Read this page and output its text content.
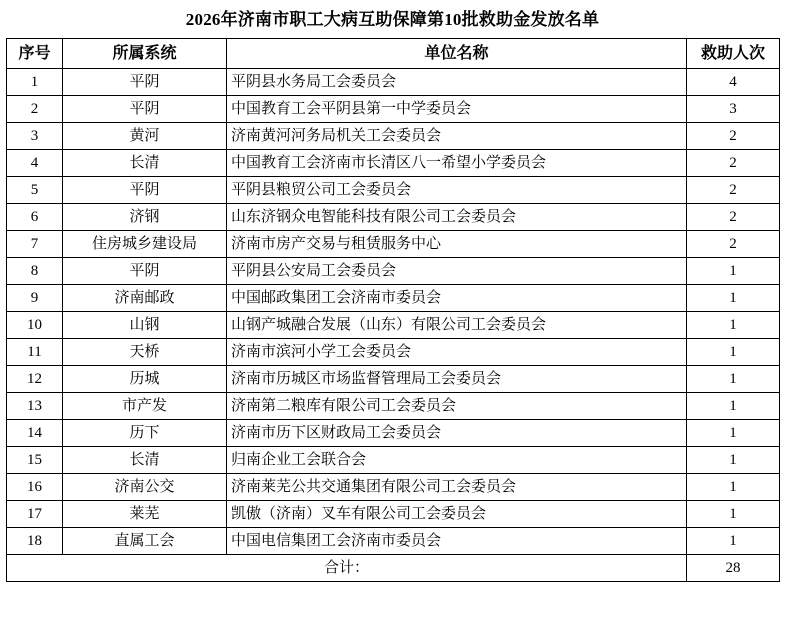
2026年济南市职工大病互助保障第10批救助金发放名单
序号	所属系统	单位名称	救助人次
1	平阴	平阴县水务局工会委员会	4
2	平阴	中国教育工会平阴县第一中学委员会	3
3	黄河	济南黄河河务局机关工会委员会	2
4	长清	中国教育工会济南市长清区八一希望小学委员会	2
5	平阴	平阴县粮贸公司工会委员会	2
6	济钢	山东济钢众电智能科技有限公司工会委员会	2
7	住房城乡建设局	济南市房产交易与租赁服务中心	2
8	平阴	平阴县公安局工会委员会	1
9	济南邮政	中国邮政集团工会济南市委员会	1
10	山钢	山钢产城融合发展（山东）有限公司工会委员会	1
11	天桥	济南市滨河小学工会委员会	1
12	历城	济南市历城区市场监督管理局工会委员会	1
13	市产发	济南第二粮库有限公司工会委员会	1
14	历下	济南市历下区财政局工会委员会	1
15	长清	归南企业工会联合会	1
16	济南公交	济南莱芜公共交通集团有限公司工会委员会	1
17	莱芜	凯傲（济南）叉车有限公司工会委员会	1
18	直属工会	中国电信集团工会济南市委员会	1
合计：			28
